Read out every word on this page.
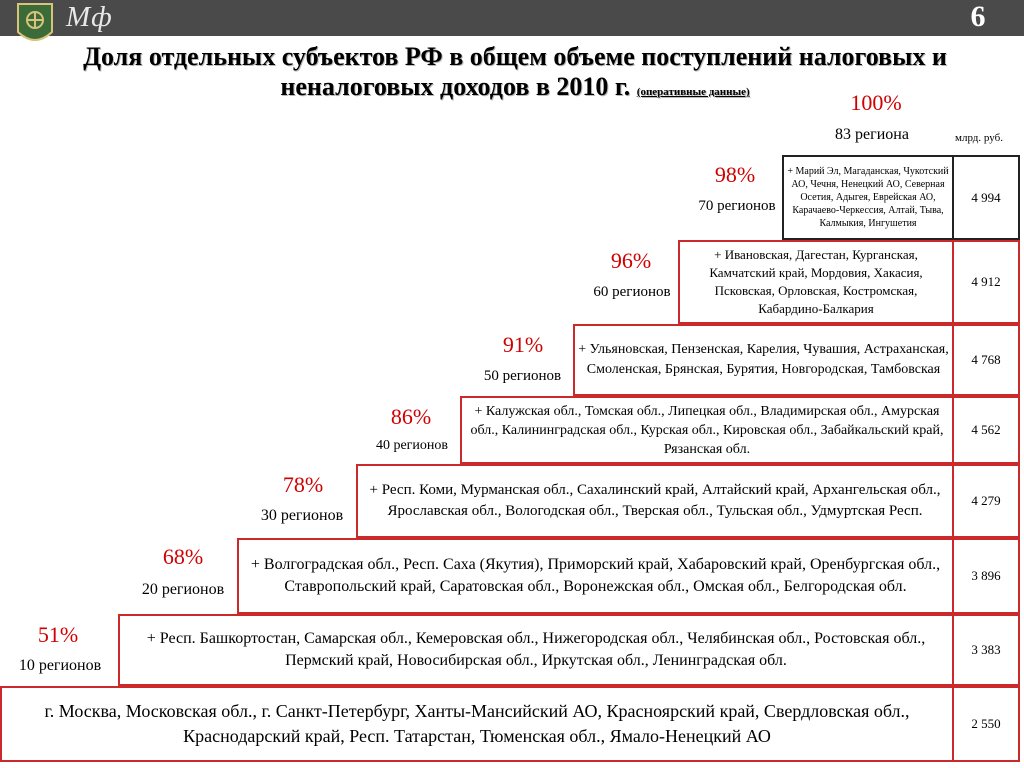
Мф	6
Доля отдельных субъектов РФ в общем объеме поступлений налоговых и неналоговых доходов в 2010 г. (оперативные данные)
млрд. руб.
100%
83 региона
+ Марий Эл, Магаданская, Чукотский АО, Чечня, Ненецкий АО, Северная Осетия, Адыгея, Еврейская АО, Карачаево-Черкессия, Алтай, Тыва, Калмыкия, Ингушетия
4 994
98%
70 регионов
+ Ивановская, Дагестан, Курганская, Камчатский край, Мордовия, Хакасия, Псковская, Орловская, Костромская, Кабардино-Балкария
4 912
96%
60 регионов
+ Ульяновская, Пензенская, Карелия, Чувашия, Астраханская, Смоленская, Брянская, Бурятия, Новгородская, Тамбовская
4 768
91%
50 регионов
+ Калужская обл., Томская обл., Липецкая обл., Владимирская обл., Амурская обл., Калининградская обл., Курская обл., Кировская обл., Забайкальский край, Рязанская обл.
4 562
86%
40 регионов
+ Респ. Коми, Мурманская обл., Сахалинский край, Алтайский край, Архангельская обл., Ярославская обл., Вологодская обл., Тверская обл., Тульская обл., Удмуртская Респ.
4 279
78%
30 регионов
+ Волгоградская обл., Респ. Саха (Якутия), Приморский край, Хабаровский край, Оренбургская обл., Ставропольский край, Саратовская обл., Воронежская обл., Омская обл., Белгородская обл.
3 896
68%
20 регионов
+ Респ. Башкортостан, Самарская обл., Кемеровская обл., Нижегородская обл., Челябинская обл., Ростовская обл., Пермский край, Новосибирская обл., Иркутская обл., Ленинградская обл.
3 383
51%
10 регионов
г. Москва, Московская обл., г. Санкт-Петербург, Ханты-Мансийский АО, Красноярский край, Свердловская обл., Краснодарский край, Респ. Татарстан, Тюменская обл., Ямало-Ненецкий АО
2 550
